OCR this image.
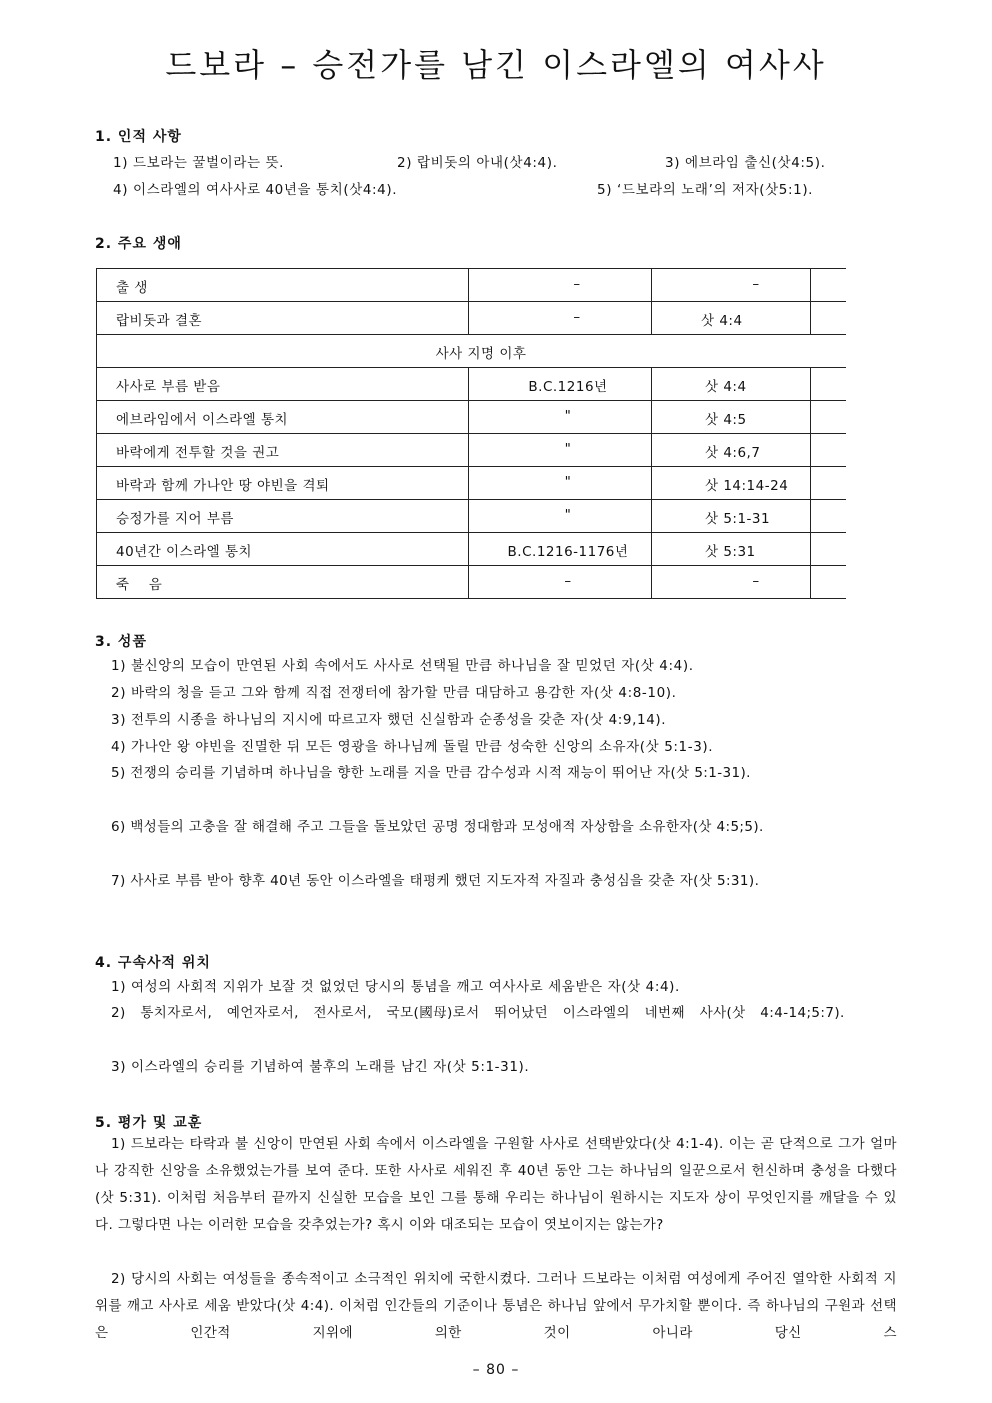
드보라 – 승전가를 남긴 이스라엘의 여사사
1. 인적 사항
1) 드보라는 꿀벌이라는 뜻.	2) 랍비돗의 아내(삿4:4).	3) 에브라임 출신(삿4:5).
4) 이스라엘의 여사사로 40년을 통치(삿4:4).	5) ‘드보라의 노래’의 저자(삿5:1).
2. 주요 생애
출 생	–	–
랍비돗과 결혼	–	삿 4:4
사사 지명 이후
사사로 부름 받음	B.C.1216년	삿 4:4
에브라임에서 이스라엘 통치	"	삿 4:5
바락에게 전투할 것을 권고	"	삿 4:6,7
바락과 함께 가나안 땅 야빈을 격퇴	"	삿 14:14-24
승정가를 지어 부름	"	삿 5:1-31
40년간 이스라엘 통치	B.C.1216-1176년	삿 5:31
죽    음	–	–
3. 성품
1) 불신앙의 모습이 만연된 사회 속에서도 사사로 선택될 만큼 하나님을 잘 믿었던 자(삿 4:4).
2) 바락의 청을 듣고 그와 함께 직접 전쟁터에 참가할 만큼 대담하고 용감한 자(삿 4:8-10).
3) 전투의 시종을 하나님의 지시에 따르고자 했던 신실함과 순종성을 갖춘 자(삿 4:9,14).
4) 가나안 왕 야빈을 진멸한 뒤 모든 영광을 하나님께 돌릴 만큼 성숙한 신앙의 소유자(삿 5:1-3).
5) 전쟁의 승리를 기념하며 하나님을 향한 노래를 지을 만큼 감수성과 시적 재능이 뛰어난 자(삿 5:1-31).
6) 백성들의 고충을 잘 해결해 주고 그들을 돌보았던 공명 정대함과 모성애적 자상함을 소유한자(삿 4:5;5).
7) 사사로 부름 받아 향후 40년 동안 이스라엘을 태평케 했던 지도자적 자질과 충성심을 갖춘 자(삿 5:31).
4. 구속사적 위치
1) 여성의 사회적 지위가 보잘 것 없었던 당시의 통념을 깨고 여사사로 세움받은 자(삿 4:4).
2) 통치자로서, 예언자로서, 전사로서, 국모(國母)로서 뛰어났던 이스라엘의 네번째 사사(삿 4:4-14;5:7).
3) 이스라엘의 승리를 기념하여 불후의 노래를 남긴 자(삿 5:1-31).
5. 평가 및 교훈
1) 드보라는 타락과 불 신앙이 만연된 사회 속에서 이스라엘을 구원할 사사로 선택받았다(삿 4:1-4). 이는 곧 단적으로 그가 얼마나 강직한 신앙을 소유했었는가를 보여 준다. 또한 사사로 세워진 후 40년 동안 그는 하나님의 일꾼으로서 헌신하며 충성을 다했다(삿 5:31). 이처럼 처음부터 끝까지 신실한 모습을 보인 그를 통해 우리는 하나님이 원하시는 지도자 상이 무엇인지를 깨달을 수 있다. 그렇다면 나는 이러한 모습을 갖추었는가? 혹시 이와 대조되는 모습이 엿보이지는 않는가?
2) 당시의 사회는 여성들을 종속적이고 소극적인 위치에 국한시켰다. 그러나 드보라는 이처럼 여성에게 주어진 열악한 사회적 지위를 깨고 사사로 세움 받았다(삿 4:4). 이처럼 인간들의 기준이나 통념은 하나님 앞에서 무가치할 뿐이다. 즉 하나님의 구원과 선택은 인간적 지위에 의한 것이 아니라 당신 스
– 80 –
